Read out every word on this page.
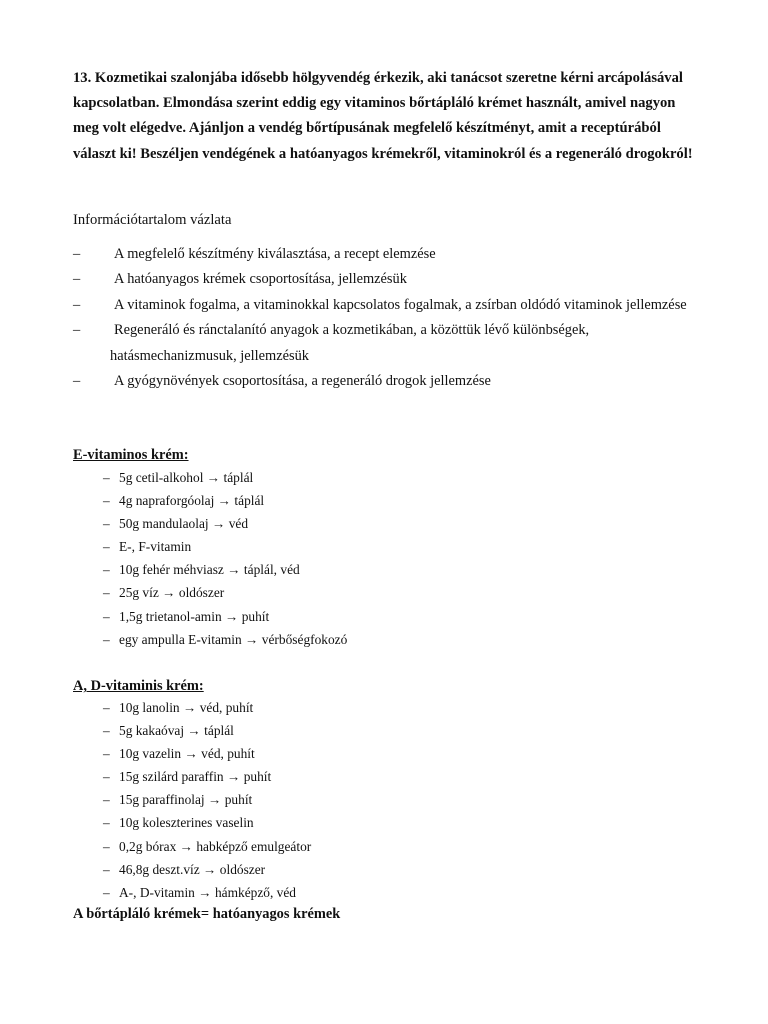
13. Kozmetikai szalonjába idősebb hölgyvendég érkezik, aki tanácsot szeretne kérni arcápolásával kapcsolatban. Elmondása szerint eddig egy vitaminos bőrtápláló krémet használt, amivel nagyon meg volt elégedve. Ajánljon a vendég bőrtípusának megfelelő készítményt, amit a receptúrából választ ki! Beszéljen vendégének a hatóanyagos krémekről, vitaminokról és a regeneráló drogokról!

Információtartalom vázlata

– A megfelelő készítmény kiválasztása, a recept elemzése
– A hatóanyagos krémek csoportosítása, jellemzésük
– A vitaminok fogalma, a vitaminokkal kapcsolatos fogalmak, a zsírban oldódó vitaminok jellemzése
– Regeneráló és ránctalanító anyagok a kozmetikában, a közöttük lévő különbségek, hatásmechanizmusuk, jellemzésük
– A gyógynövények csoportosítása, a regeneráló drogok jellemzése

E-vitaminos krém:

– 5g cetil-alkohol → táplál
– 4g napraforgóolaj → táplál
– 50g mandulaolaj → véd
– E-, F-vitamin
– 10g fehér méhviasz → táplál, véd
– 25g víz → oldószer
– 1,5g trietanol-amin → puhít
– egy ampulla E-vitamin → vérbőségfokozó

A, D-vitaminis krém:

– 10g lanolin → véd, puhít
– 5g kakaóvaj → táplál
– 10g vazelin → véd, puhít
– 15g szilárd paraffin → puhít
– 15g paraffinolaj → puhít
– 10g koleszterines vaselin
– 0,2g bórax → habképző emulgeátor
– 46,8g deszt.víz → oldószer
– A-, D-vitamin → hámképző, véd

A bőrtápláló krémek= hatóanyagos krémek
